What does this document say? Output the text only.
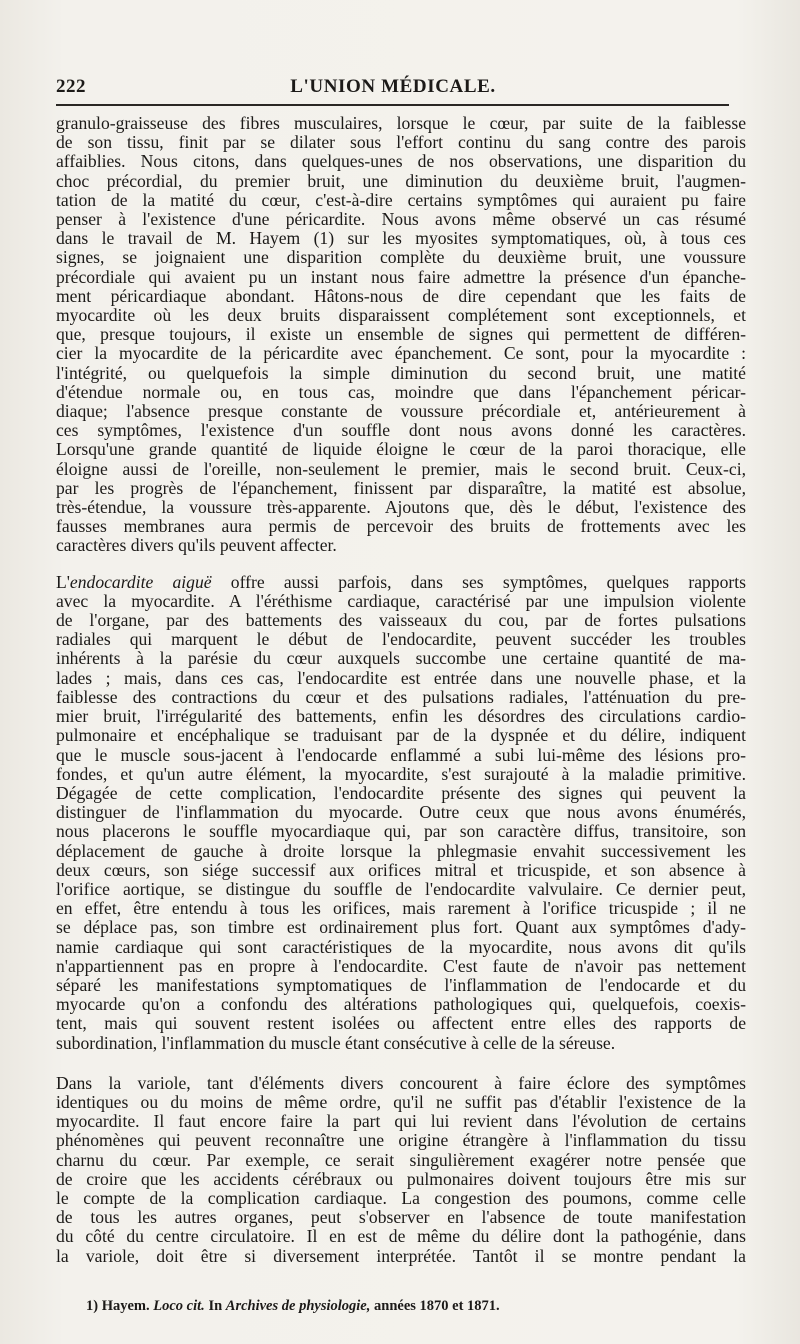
222	L'UNION MÉDICALE.

granulo-graisseuse des fibres musculaires, lorsque le cœur, par suite de la faiblesse
de son tissu, finit par se dilater sous l'effort continu du sang contre des parois
affaiblies. Nous citons, dans quelques-unes de nos observations, une disparition du
choc précordial, du premier bruit, une diminution du deuxième bruit, l'augmen-
tation de la matité du cœur, c'est-à-dire certains symptômes qui auraient pu faire
penser à l'existence d'une péricardite. Nous avons même observé un cas résumé
dans le travail de M. Hayem (1) sur les myosites symptomatiques, où, à tous ces
signes, se joignaient une disparition complète du deuxième bruit, une voussure
précordiale qui avaient pu un instant nous faire admettre la présence d'un épanche-
ment péricardiaque abondant. Hâtons-nous de dire cependant que les faits de
myocardite où les deux bruits disparaissent complétement sont exceptionnels, et
que, presque toujours, il existe un ensemble de signes qui permettent de différen-
cier la myocardite de la péricardite avec épanchement. Ce sont, pour la myocardite :
l'intégrité, ou quelquefois la simple diminution du second bruit, une matité
d'étendue normale ou, en tous cas, moindre que dans l'épanchement péricar-
diaque; l'absence presque constante de voussure précordiale et, antérieurement à
ces symptômes, l'existence d'un souffle dont nous avons donné les caractères.
Lorsqu'une grande quantité de liquide éloigne le cœur de la paroi thoracique, elle
éloigne aussi de l'oreille, non-seulement le premier, mais le second bruit. Ceux-ci,
par les progrès de l'épanchement, finissent par disparaître, la matité est absolue,
très-étendue, la voussure très-apparente. Ajoutons que, dès le début, l'existence des
fausses membranes aura permis de percevoir des bruits de frottements avec les
caractères divers qu'ils peuvent affecter.

L'endocardite aiguë offre aussi parfois, dans ses symptômes, quelques rapports
avec la myocardite. A l'éréthisme cardiaque, caractérisé par une impulsion violente
de l'organe, par des battements des vaisseaux du cou, par de fortes pulsations
radiales qui marquent le début de l'endocardite, peuvent succéder les troubles
inhérents à la parésie du cœur auxquels succombe une certaine quantité de ma-
lades ; mais, dans ces cas, l'endocardite est entrée dans une nouvelle phase, et la
faiblesse des contractions du cœur et des pulsations radiales, l'atténuation du pre-
mier bruit, l'irrégularité des battements, enfin les désordres des circulations cardio-
pulmonaire et encéphalique se traduisant par de la dyspnée et du délire, indiquent
que le muscle sous-jacent à l'endocarde enflammé a subi lui-même des lésions pro-
fondes, et qu'un autre élément, la myocardite, s'est surajouté à la maladie primitive.
Dégagée de cette complication, l'endocardite présente des signes qui peuvent la
distinguer de l'inflammation du myocarde. Outre ceux que nous avons énumérés,
nous placerons le souffle myocardiaque qui, par son caractère diffus, transitoire, son
déplacement de gauche à droite lorsque la phlegmasie envahit successivement les
deux cœurs, son siége successif aux orifices mitral et tricuspide, et son absence à
l'orifice aortique, se distingue du souffle de l'endocardite valvulaire. Ce dernier peut,
en effet, être entendu à tous les orifices, mais rarement à l'orifice tricuspide ; il ne
se déplace pas, son timbre est ordinairement plus fort. Quant aux symptômes d'ady-
namie cardiaque qui sont caractéristiques de la myocardite, nous avons dit qu'ils
n'appartiennent pas en propre à l'endocardite. C'est faute de n'avoir pas nettement
séparé les manifestations symptomatiques de l'inflammation de l'endocarde et du
myocarde qu'on a confondu des altérations pathologiques qui, quelquefois, coexis-
tent, mais qui souvent restent isolées ou affectent entre elles des rapports de
subordination, l'inflammation du muscle étant consécutive à celle de la séreuse.

Dans la variole, tant d'éléments divers concourent à faire éclore des symptômes
identiques ou du moins de même ordre, qu'il ne suffit pas d'établir l'existence de la
myocardite. Il faut encore faire la part qui lui revient dans l'évolution de certains
phénomènes qui peuvent reconnaître une origine étrangère à l'inflammation du tissu
charnu du cœur. Par exemple, ce serait singulièrement exagérer notre pensée que
de croire que les accidents cérébraux ou pulmonaires doivent toujours être mis sur
le compte de la complication cardiaque. La congestion des poumons, comme celle
de tous les autres organes, peut s'observer en l'absence de toute manifestation
du côté du centre circulatoire. Il en est de même du délire dont la pathogénie, dans
la variole, doit être si diversement interprétée. Tantôt il se montre pendant la

1) Hayem. Loco cit. In Archives de physiologie, années 1870 et 1871.
